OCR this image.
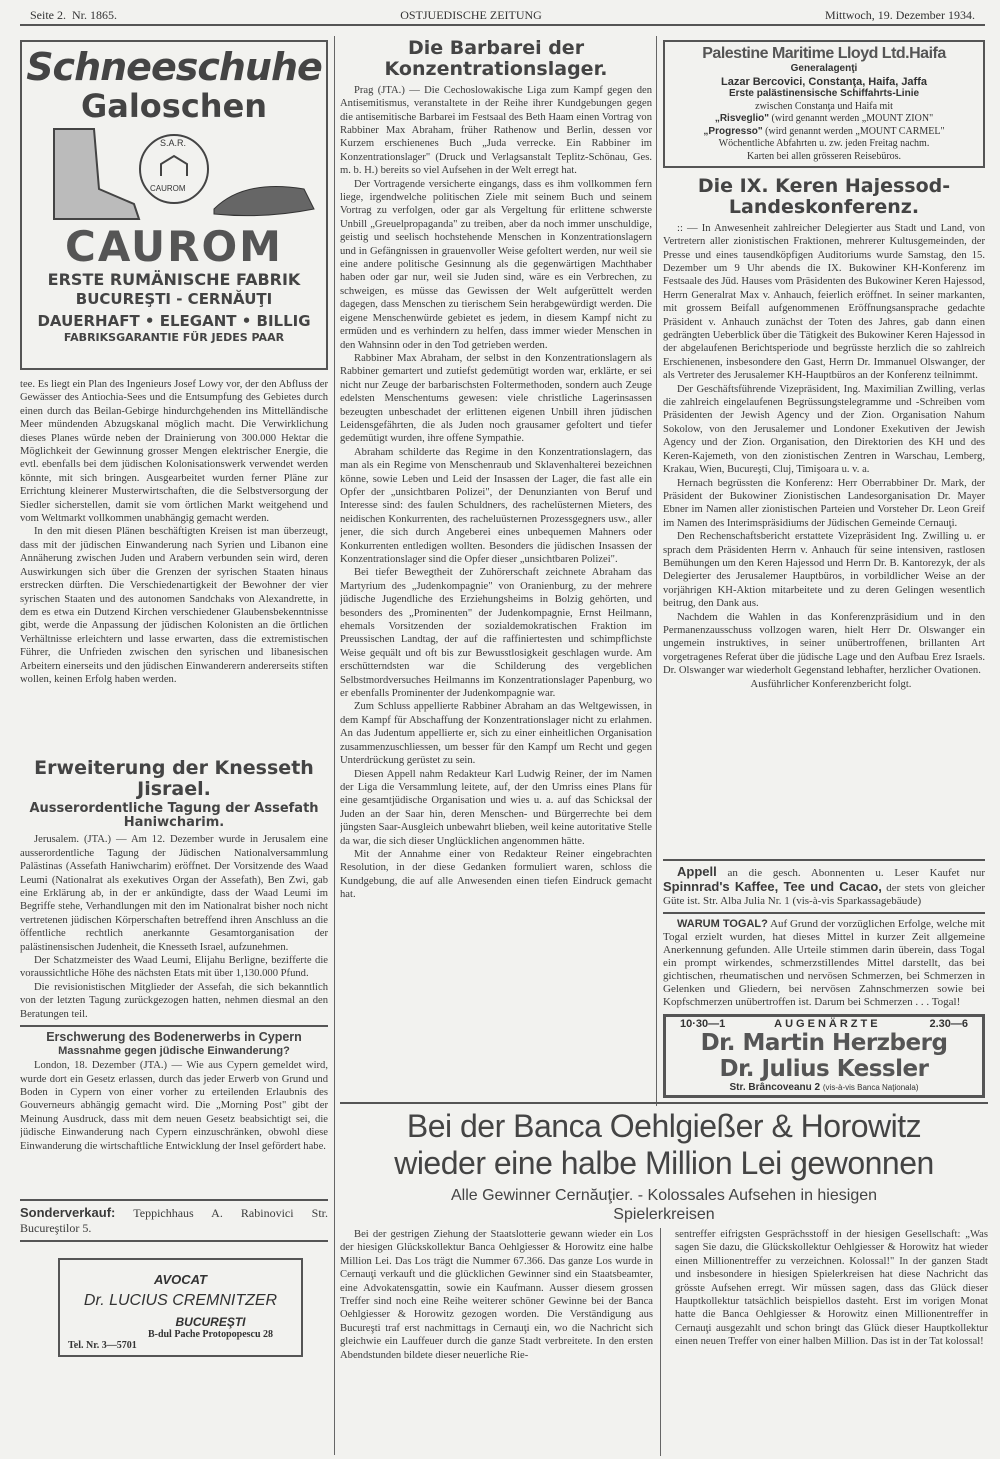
Seite 2. Nr. 1865.	OSTJUEDISCHE ZEITUNG	Mittwoch, 19. Dezember 1934.
Schneeschuhe
Galoschen
S.A.R.
CAUROM
CAUROM
ERSTE RUMÄNISCHE FABRIK
BUCUREŞTI - CERNĂUŢI
DAUERHAFT • ELEGANT • BILLIG
FABRIKSGARANTIE FÜR JEDES PAAR

tee. Es liegt ein Plan des Ingenieurs Josef Lowy vor, der den Abfluss der Gewässer des Antiochia-Sees und die Entsumpfung des Gebietes durch einen durch das Beilan-Gebirge hindurchgehenden ins Mittelländische Meer mündenden Abzugskanal möglich macht. Die Verwirklichung dieses Planes würde neben der Drainierung von 300.000 Hektar die Möglichkeit der Gewinnung grosser Mengen elektrischer Energie, die evtl. ebenfalls bei dem jüdischen Kolonisationswerk verwendet werden könnte, mit sich bringen. Ausgearbeitet wurden ferner Pläne zur Errichtung kleinerer Musterwirtschaften, die die Selbstversorgung der Siedler sicherstellen, damit sie vom örtlichen Markt weitgehend und vom Weltmarkt vollkommen unabhängig gemacht werden.

In den mit diesen Plänen beschäftigten Kreisen ist man überzeugt, dass mit der jüdischen Einwanderung nach Syrien und Libanon eine Annäherung zwischen Juden und Arabern verbunden sein wird, deren Auswirkungen sich über die Grenzen der syrischen Staaten hinaus erstrecken dürften. Die Verschiedenartigkeit der Bewohner der vier syrischen Staaten und des autonomen Sandchaks von Alexandrette, in dem es etwa ein Dutzend Kirchen verschiedener Glaubensbekenntnisse gibt, werde die Anpassung der jüdischen Kolonisten an die örtlichen Verhältnisse erleichtern und lasse erwarten, dass die extremistischen Führer, die Unfrieden zwischen den syrischen und libanesischen Arbeitern einerseits und den jüdischen Einwanderern andererseits stiften wollen, keinen Erfolg haben werden.

Erweiterung der Knesseth
Jisrael.
Ausserordentliche Tagung der Assefath Haniwcharim.

Jerusalem. (JTA.) — Am 12. Dezember wurde in Jerusalem eine ausserordentliche Tagung der Jüdischen Nationalversammlung Palästinas (Assefath Haniwcharim) eröffnet. Der Vorsitzende des Waad Leumi (Nationalrat als exekutives Organ der Assefath), Ben Zwi, gab eine Erklärung ab, in der er ankündigte, dass der Waad Leumi im Begriffe stehe, Verhandlungen mit den im Nationalrat bisher noch nicht vertretenen jüdischen Körperschaften betreffend ihren Anschluss an die öffentliche rechtlich anerkannte Gesamtorganisation der palästinensischen Judenheit, die Knesseth Israel, aufzunehmen.

Der Schatzmeister des Waad Leumi, Elijahu Berligne, bezifferte die voraussichtliche Höhe des nächsten Etats mit über 1,130.000 Pfund.

Die revisionistischen Mitglieder der Assefah, die sich bekanntlich von der letzten Tagung zurückgezogen hatten, nehmen diesmal an den Beratungen teil.

Erschwerung des Bodenerwerbs in Cypern
Massnahme gegen jüdische Einwanderung?

London, 18. Dezember (JTA.) — Wie aus Cypern gemeldet wird, wurde dort ein Gesetz erlassen, durch das jeder Erwerb von Grund und Boden in Cypern von einer vorher zu erteilenden Erlaubnis des Gouverneurs abhängig gemacht wird. Die „Morning Post" gibt der Meinung Ausdruck, dass mit dem neuen Gesetz beabsichtigt sei, die jüdische Einwanderung nach Cypern einzuschränken, obwohl diese Einwanderung die wirtschaftliche Entwicklung der Insel gefördert habe.

Sonderverkauf: Teppichhaus A. Rabinovici Str. Bucureştilor 5.
AVOCAT
Dr. LUCIUS CREMNITZER
BUCUREŞTI
B-dul Pache Protopopescu 28
Tel. Nr. 3—5701
Die Barbarei der
Konzentrationslager.

Prag (JTA.) — Die Cechoslowakische Liga zum Kampf gegen den Antisemitismus, veranstaltete in der Reihe ihrer Kundgebungen gegen die antisemitische Barbarei im Festsaal des Beth Haam einen Vortrag von Rabbiner Max Abraham, früher Rathenow und Berlin, dessen vor Kurzem erschienenes Buch „Juda verrecke. Ein Rabbiner im Konzentrationslager" (Druck und Verlagsanstalt Teplitz-Schönau, Ges. m. b. H.) bereits so viel Aufsehen in der Welt erregt hat.

Der Vortragende versicherte eingangs, dass es ihm vollkommen fern liege, irgendwelche politischen Ziele mit seinem Buch und seinem Vortrag zu verfolgen, oder gar als Vergeltung für erlittene schwerste Unbill „Greuelpropaganda" zu treiben, aber da noch immer unschuldige, geistig und seelisch hochstehende Menschen in Konzentrationslagern und in Gefängnissen in grauenvoller Weise gefoltert werden, nur weil sie eine andere politische Gesinnung als die gegenwärtigen Machthaber haben oder gar nur, weil sie Juden sind, wäre es ein Verbrechen, zu schweigen, es müsse das Gewissen der Welt aufgerüttelt werden dagegen, dass Menschen zu tierischem Sein herabgewürdigt werden. Die eigene Menschenwürde gebietet es jedem, in diesem Kampf nicht zu ermüden und es verhindern zu helfen, dass immer wieder Menschen in den Wahnsinn oder in den Tod getrieben werden.

Rabbiner Max Abraham, der selbst in den Konzentrationslagern als Rabbiner gemartert und zutiefst gedemütigt worden war, erklärte, er sei nicht nur Zeuge der barbarischsten Foltermethoden, sondern auch Zeuge edelsten Menschentums gewesen: viele christliche Lagerinsassen bezeugten unbeschadet der erlittenen eigenen Unbill ihren jüdischen Leidensgefährten, die als Juden noch grausamer gefoltert und tiefer gedemütigt wurden, ihre offene Sympathie.

Abraham schilderte das Regime in den Konzentrationslagern, das man als ein Regime von Menschenraub und Sklavenhalterei bezeichnen könne, sowie Leben und Leid der Insassen der Lager, die fast alle ein Opfer der „unsichtbaren Polizei", der Denunzianten von Beruf und Interesse sind: des faulen Schuldners, des rachelüsternen Mieters, des neidischen Konkurrenten, des racheluüsternen Prozessgegners usw., aller jener, die sich durch Angeberei eines unbequemen Mahners oder Konkurrenten entledigen wollten. Besonders die jüdischen Insassen der Konzentrationslager sind die Opfer dieser „unsichtbaren Polizei".

Bei tiefer Bewegtheit der Zuhörerschaft zeichnete Abraham das Martyrium des „Judenkompagnie" von Oranienburg, zu der mehrere jüdische Jugendliche des Erziehungsheims in Bolzig gehörten, und besonders des „Prominenten" der Judenkompagnie, Ernst Heilmann, ehemals Vorsitzenden der sozialdemokratischen Fraktion im Preussischen Landtag, der auf die raffiniertesten und schimpflichste Weise gequält und oft bis zur Bewusstlosigkeit geschlagen wurde. Am erschütterndsten war die Schilderung des vergeblichen Selbstmordversuches Heilmanns im Konzentrationslager Papenburg, wo er ebenfalls Prominenter der Judenkompagnie war.

Zum Schluss appellierte Rabbiner Abraham an das Weltgewissen, in dem Kampf für Abschaffung der Konzentrationslager nicht zu erlahmen. An das Judentum appellierte er, sich zu einer einheitlichen Organisation zusammenzuschliessen, um besser für den Kampf um Recht und gegen Unterdrückung gerüstet zu sein.

Diesen Appell nahm Redakteur Karl Ludwig Reiner, der im Namen der Liga die Versammlung leitete, auf, der den Umriss eines Plans für eine gesamtjüdische Organisation und wies u. a. auf das Schicksal der Juden an der Saar hin, deren Menschen- und Bürgerrechte bei dem jüngsten Saar-Ausgleich unbewahrt blieben, weil keine autoritative Stelle da war, die sich dieser Unglücklichen angenommen hätte.

Mit der Annahme einer von Redakteur Reiner eingebrachten Resolution, in der diese Gedanken formuliert waren, schloss die Kundgebung, die auf alle Anwesenden einen tiefen Eindruck gemacht hat.

Palestine Maritime Lloyd Ltd.Haifa
Generalagenţi
Lazar Bercovici, Constanţa, Haifa, Jaffa
Erste palästinensische Schiffahrts-Linie
zwischen Constanţa und Haifa mit
„Risveglio" (wird genannt werden „MOUNT ZION"
„Progresso" (wird genannt werden „MOUNT CARMEL"
Wöchentliche Abfahrten u. zw. jeden Freitag nachm.
Karten bei allen grösseren Reisebüros.
Die IX. Keren Hajessod-
Landeskonferenz.

:: — In Anwesenheit zahlreicher Delegierter aus Stadt und Land, von Vertretern aller zionistischen Fraktionen, mehrerer Kultusgemeinden, der Presse und eines tausendköpfigen Auditoriums wurde Samstag, den 15. Dezember um 9 Uhr abends die IX. Bukowiner KH-Konferenz im Festsaale des Jüd. Hauses vom Präsidenten des Bukowiner Keren Hajessod, Herrn Generalrat Max v. Anhauch, feierlich eröffnet. In seiner markanten, mit grossem Beifall aufgenommenen Eröffnungsansprache gedachte Präsident v. Anhauch zunächst der Toten des Jahres, gab dann einen gedrängten Ueberblick über die Tätigkeit des Bukowiner Keren Hajessod in der abgelaufenen Berichtsperiode und begrüsste herzlich die so zahlreich Erschienenen, insbesondere den Gast, Herrn Dr. Immanuel Olswanger, der als Vertreter des Jerusalemer KH-Hauptbüros an der Konferenz teilnimmt.

Der Geschäftsführende Vizepräsident, Ing. Maximilian Zwilling, verlas die zahlreich eingelaufenen Begrüssungstelegramme und -Schreiben vom Präsidenten der Jewish Agency und der Zion. Organisation Nahum Sokolow, von den Jerusalemer und Londoner Exekutiven der Jewish Agency und der Zion. Organisation, den Direktorien des KH und des Keren-Kajemeth, von den zionistischen Zentren in Warschau, Lemberg, Krakau, Wien, Bucureşti, Cluj, Timişoara u. v. a.

Hernach begrüssten die Konferenz: Herr Oberrabbiner Dr. Mark, der Präsident der Bukowiner Zionistischen Landesorganisation Dr. Mayer Ebner im Namen aller zionistischen Parteien und Vorsteher Dr. Leon Greif im Namen des Interimspräsidiums der Jüdischen Gemeinde Cernauţi.

Den Rechenschaftsbericht erstattete Vizepräsident Ing. Zwilling u. er sprach dem Präsidenten Herrn v. Anhauch für seine intensiven, rastlosen Bemühungen um den Keren Hajessod und Herrn Dr. B. Kantorezyk, der als Delegierter des Jerusalemer Hauptbüros, in vorbildlicher Weise an der vorjährigen KH-Aktion mitarbeitete und zu deren Gelingen wesentlich beitrug, den Dank aus.

Nachdem die Wahlen in das Konferenzpräsidium und in den Permanenzausschuss vollzogen waren, hielt Herr Dr. Olswanger ein ungemein instruktives, in seiner unübertroffenen, brillanten Art vorgetragenes Referat über die jüdische Lage und den Aufbau Erez Israels. Dr. Olswanger war wiederholt Gegenstand lebhafter, herzlicher Ovationen.

Ausführlicher Konferenzbericht folgt.

Appell an die gesch. Abonnenten u. Leser Kaufet nur Spinnrad's Kaffee, Tee und Cacao, der stets von gleicher Güte ist. Str. Alba Julia Nr. 1 (vis-à-vis Sparkassagebäude)

WARUM TOGAL? Auf Grund der vorzüglichen Erfolge, welche mit Togal erzielt wurden, hat dieses Mittel in kurzer Zeit allgemeine Anerkennung gefunden. Alle Urteile stimmen darin überein, dass Togal ein prompt wirkendes, schmerzstillendes Mittel darstellt, das bei gichtischen, rheumatischen und nervösen Schmerzen, bei Schmerzen in Gelenken und Gliedern, bei nervösen Zahnschmerzen sowie bei Kopfschmerzen unübertroffen ist. Darum bei Schmerzen . . . Togal!

10·30—1	AUGENÄRZTE	2.30—6
Dr. Martin Herzberg
Dr. Julius Kessler
Str. Brâncoveanu 2 (vis-à-vis Banca Naţionala)
Bei der Banca Oehlgießer & Horowitz
wieder eine halbe Million Lei gewonnen
Alle Gewinner Cernăuţier. - Kolossales Aufsehen in hiesigen
Spielerkreisen

Bei der gestrigen Ziehung der Staatslotterie gewann wieder ein Los der hiesigen Glückskollektur Banca Oehlgiesser & Horowitz eine halbe Million Lei. Das Los trägt die Nummer 67.366. Das ganze Los wurde in Cernauţi verkauft und die glücklichen Gewinner sind ein Staatsbeamter, eine Advokatensgattin, sowie ein Kaufmann. Ausser diesem grossen Treffer sind noch eine Reihe weiterer schöner Gewinne bei der Banca Oehlgiesser & Horowitz gezogen worden. Die Verständigung aus Bucureşti traf erst nachmittags in Cernauţi ein, wo die Nachricht sich gleichwie ein Lauffeuer durch die ganze Stadt verbreitete. In den ersten Abendstunden bildete dieser neuerliche Rie-

sentreffer eifrigsten Gesprächsstoff in der hiesigen Gesellschaft: „Was sagen Sie dazu, die Glückskollektur Oehlgiesser & Horowitz hat wieder einen Millionentreffer zu verzeichnen. Kolossal!" In der ganzen Stadt und insbesondere in hiesigen Spielerkreisen hat diese Nachricht das grösste Aufsehen erregt. Wir müssen sagen, dass das Glück dieser Hauptkollektur tatsächlich beispiellos dasteht. Erst im vorigen Monat hatte die Banca Oehlgiesser & Horowitz einen Millionentreffer in Cernauţi ausgezahlt und schon bringt das Glück dieser Hauptkollektur einen neuen Treffer von einer halben Million. Das ist in der Tat kolossal!
